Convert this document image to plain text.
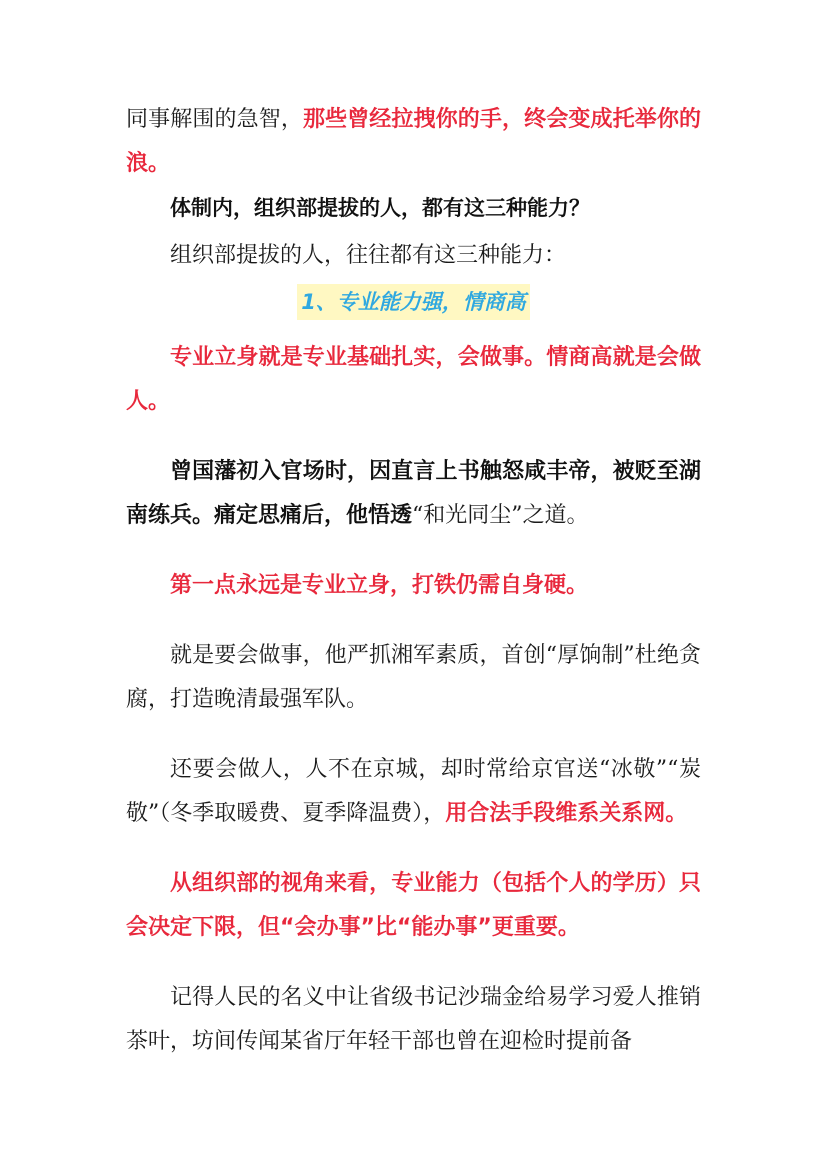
同事解围的急智，那些曾经拉拽你的手，终会变成托举你的浪。

体制内，组织部提拔的人，都有这三种能力？

组织部提拔的人，往往都有这三种能力：

1、专业能力强，情商高

专业立身就是专业基础扎实，会做事。情商高就是会做人。

曾国藩初入官场时，因直言上书触怒咸丰帝，被贬至湖南练兵。痛定思痛后，他悟透“和光同尘”之道。

第一点永远是专业立身，打铁仍需自身硬。

就是要会做事，他严抓湘军素质，首创“厚饷制”杜绝贪腐，打造晚清最强军队。

还要会做人，人不在京城，却时常给京官送“冰敬”“炭敬”（冬季取暖费、夏季降温费），用合法手段维系关系网。

从组织部的视角来看，专业能力（包括个人的学历）只会决定下限，但“会办事”比“能办事”更重要。

记得人民的名义中让省级书记沙瑞金给易学习爱人推销茶叶，坊间传闻某省厅年轻干部也曾在迎检时提前备
